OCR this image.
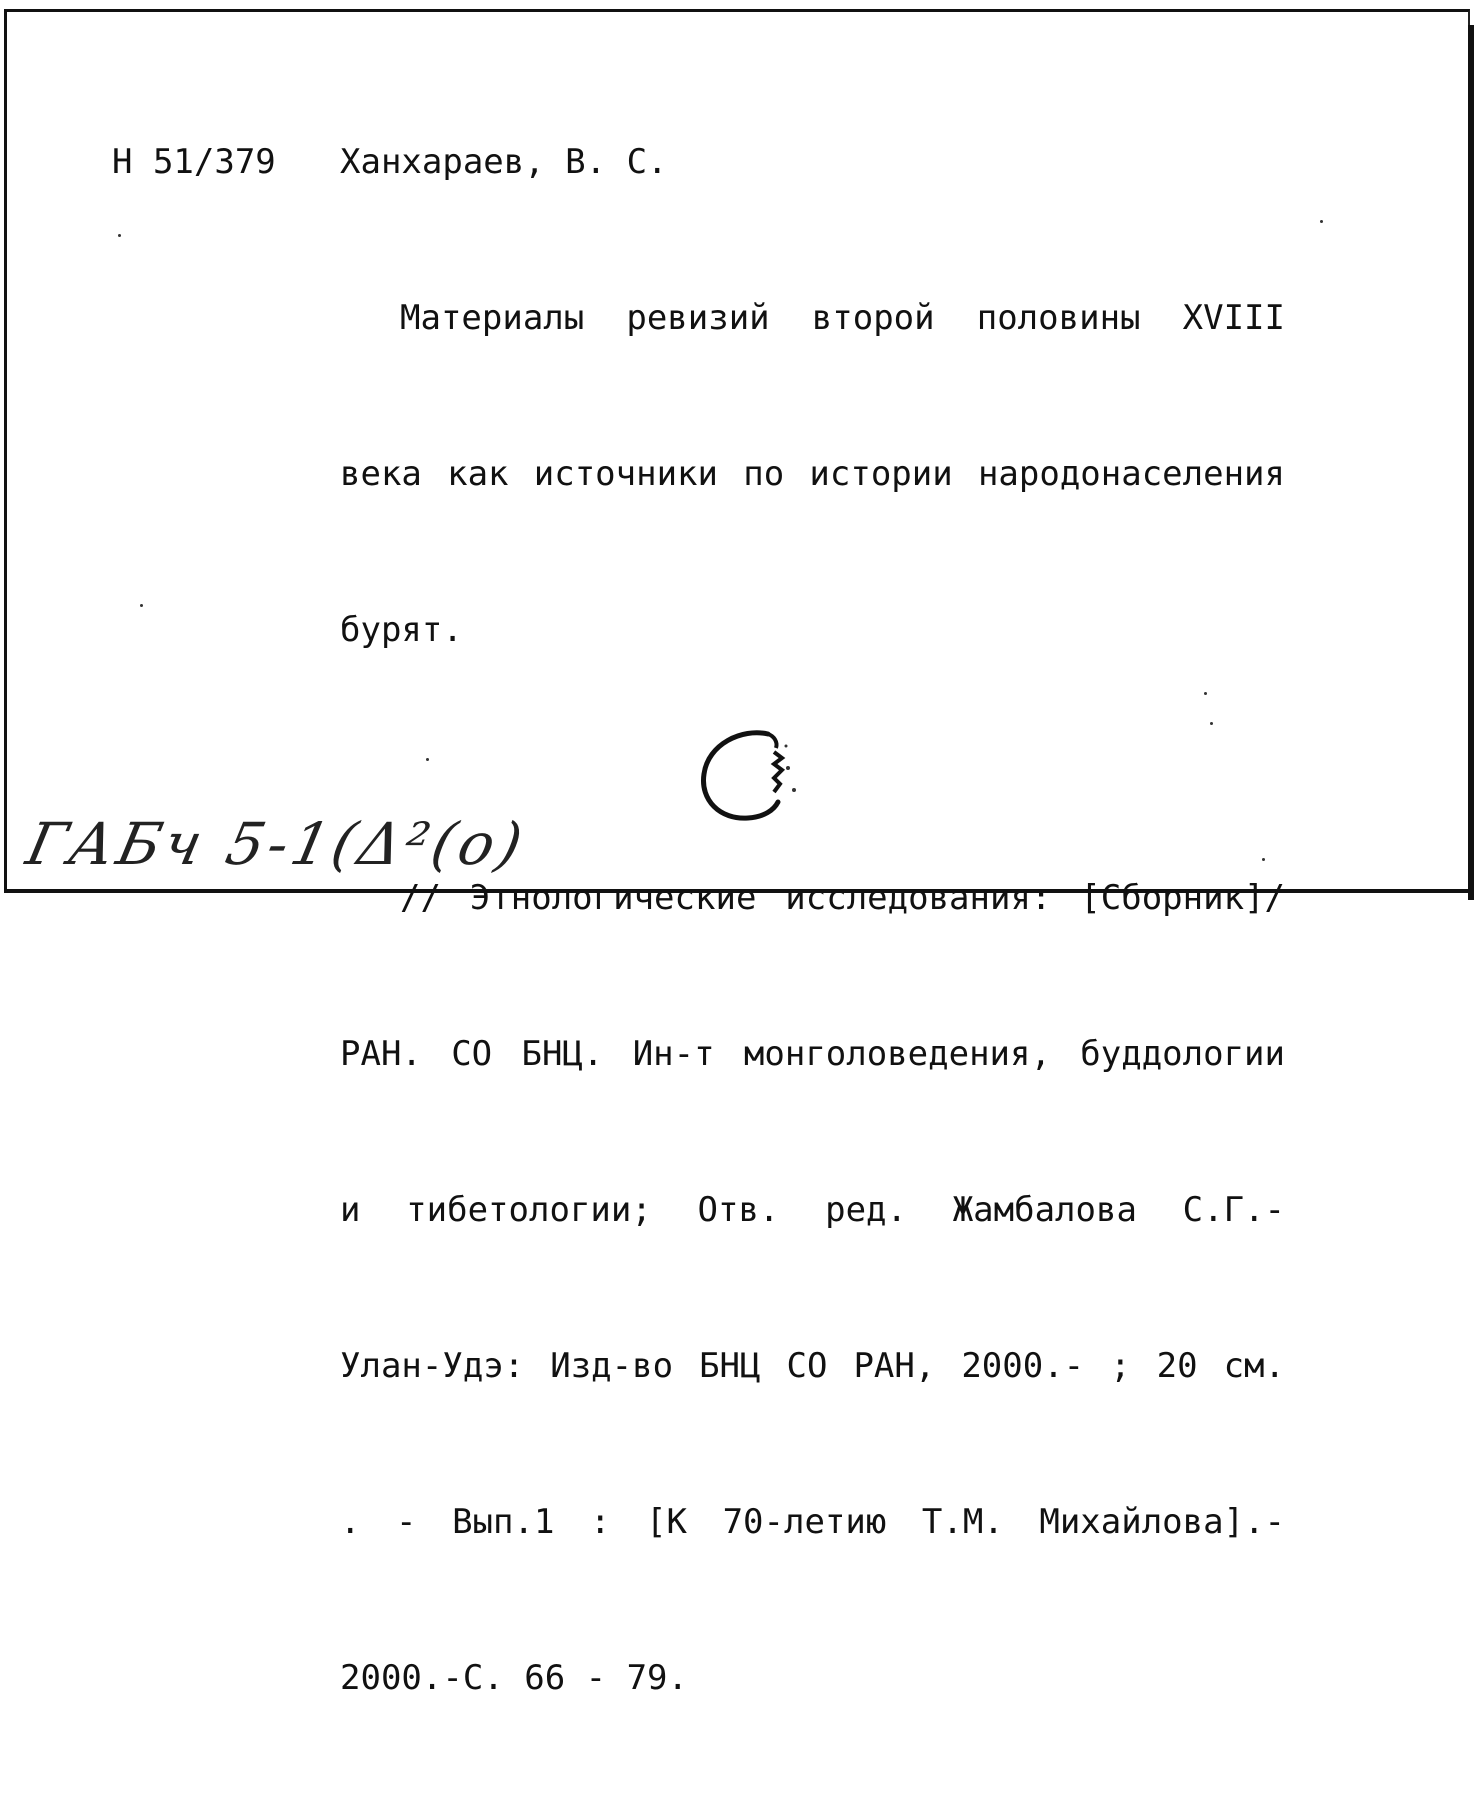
Н 51/379 Ханхараев, В. С.

Материалы ревизий второй половины XVIII

века как источники по истории народонаселения

бурят.

// Этнологические исследования: [Сборник]/

РАН. СО БНЦ. Ин-т монголоведения, буддологии

и тибетологии; Отв. ред. Жамбалова С.Г.-

Улан-Удэ: Изд-во БНЦ СО РАН, 2000.- ; 20 см.

. - Вып.1 : [К 70-летию Т.М. Михайлова].-

2000.-С. 66 - 79.

ГАБч 5-1(Δ²(о)
